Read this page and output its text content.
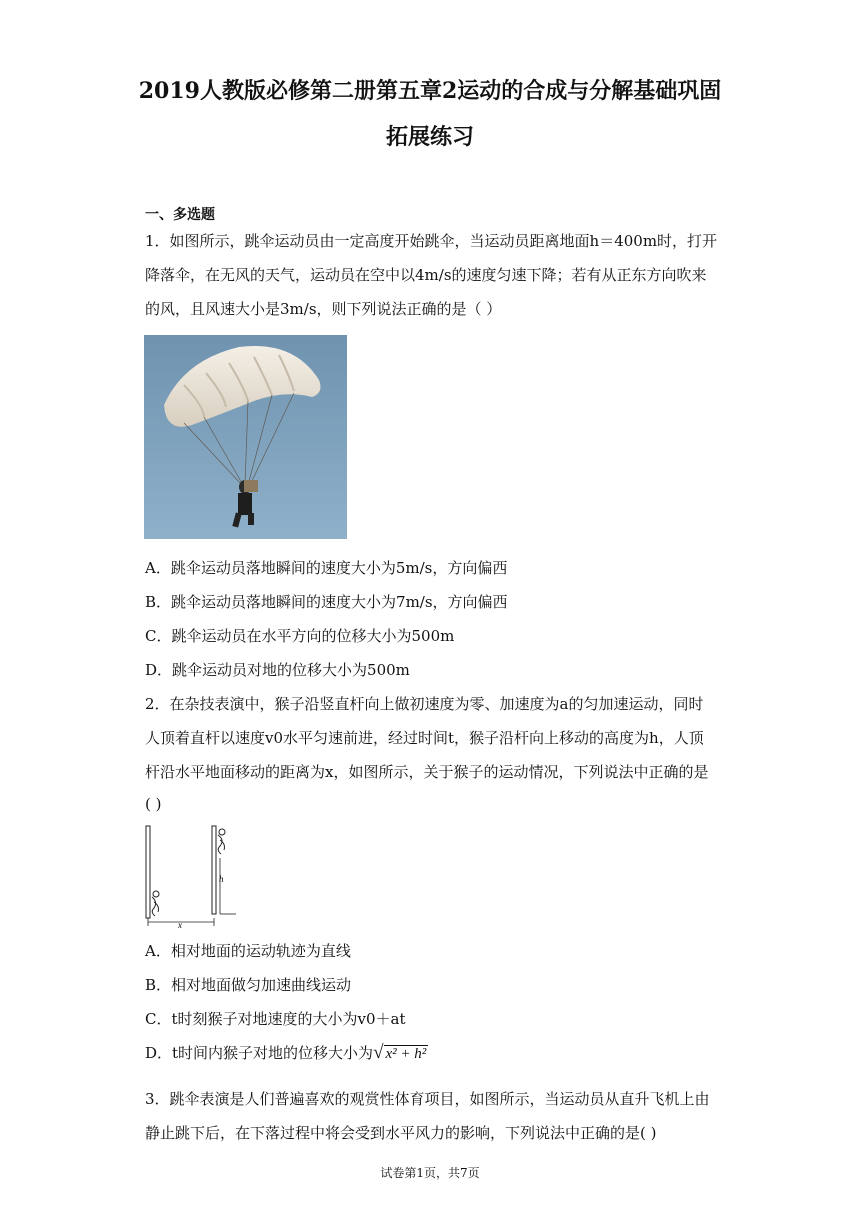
2019人教版必修第二册第五章2运动的合成与分解基础巩固
拓展练习
一、多选题
1．如图所示，跳伞运动员由一定高度开始跳伞，当运动员距离地面h＝400m时，打开
降落伞，在无风的天气，运动员在空中以4m/s的速度匀速下降；若有从正东方向吹来
的风，且风速大小是3m/s，则下列说法正确的是（ ）
A．跳伞运动员落地瞬间的速度大小为5m/s，方向偏西
B．跳伞运动员落地瞬间的速度大小为7m/s，方向偏西
C．跳伞运动员在水平方向的位移大小为500m
D．跳伞运动员对地的位移大小为500m
2．在杂技表演中，猴子沿竖直杆向上做初速度为零、加速度为a的匀加速运动，同时
人顶着直杆以速度v0水平匀速前进，经过时间t，猴子沿杆向上移动的高度为h，人顶
杆沿水平地面移动的距离为x，如图所示，关于猴子的运动情况，下列说法中正确的是
( )
h
x
A．相对地面的运动轨迹为直线
B．相对地面做匀加速曲线运动
C．t时刻猴子对地速度的大小为v0＋at
D．t时间内猴子对地的位移大小为√ x² + h²
3．跳伞表演是人们普遍喜欢的观赏性体育项目，如图所示，当运动员从直升飞机上由
静止跳下后，在下落过程中将会受到水平风力的影响，下列说法中正确的是( )
试卷第1页，共7页
